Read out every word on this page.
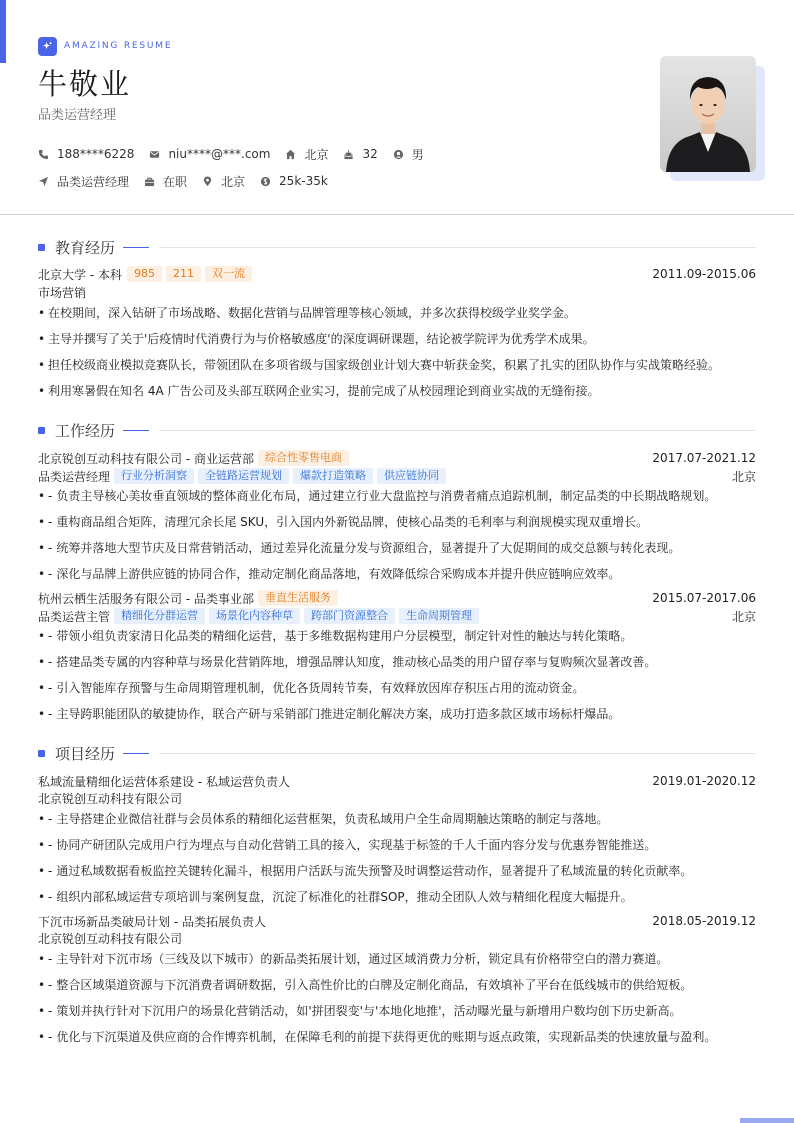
AMAZING RESUME
牛敬业
品类运营经理
188****6228	niu****@***.com	北京	32	男
品类运营经理	在职	北京	25k-35k
教育经历
北京大学 - 本科	985	211	双一流	2011.09-2015.06
市场营销
• 在校期间，深入钻研了市场战略、数据化营销与品牌管理等核心领域，并多次获得校级学业奖学金。
• 主导并撰写了关于'后疫情时代消费行为与价格敏感度'的深度调研课题，结论被学院评为优秀学术成果。
• 担任校级商业模拟竞赛队长，带领团队在多项省级与国家级创业计划大赛中斩获金奖，积累了扎实的团队协作与实战策略经验。
• 利用寒暑假在知名 4A 广告公司及头部互联网企业实习，提前完成了从校园理论到商业实战的无缝衔接。
工作经历
北京锐创互动科技有限公司 - 商业运营部	综合性零售电商	2017.07-2021.12
品类运营经理	行业分析洞察	全链路运营规划	爆款打造策略	供应链协同	北京
• - 负责主导核心美妆垂直领域的整体商业化布局，通过建立行业大盘监控与消费者痛点追踪机制，制定品类的中长期战略规划。
• - 重构商品组合矩阵，清理冗余长尾 SKU，引入国内外新锐品牌，使核心品类的毛利率与利润规模实现双重增长。
• - 统筹并落地大型节庆及日常营销活动，通过差异化流量分发与资源组合，显著提升了大促期间的成交总额与转化表现。
• - 深化与品牌上游供应链的协同合作，推动定制化商品落地，有效降低综合采购成本并提升供应链响应效率。
杭州云栖生活服务有限公司 - 品类事业部	垂直生活服务	2015.07-2017.06
品类运营主管	精细化分群运营	场景化内容种草	跨部门资源整合	生命周期管理	北京
• - 带领小组负责家清日化品类的精细化运营，基于多维数据构建用户分层模型，制定针对性的触达与转化策略。
• - 搭建品类专属的内容种草与场景化营销阵地，增强品牌认知度，推动核心品类的用户留存率与复购频次显著改善。
• - 引入智能库存预警与生命周期管理机制，优化各货周转节奏，有效释放因库存积压占用的流动资金。
• - 主导跨职能团队的敏捷协作，联合产研与采销部门推进定制化解决方案，成功打造多款区域市场标杆爆品。
项目经历
私域流量精细化运营体系建设 - 私域运营负责人	2019.01-2020.12
北京锐创互动科技有限公司
• - 主导搭建企业微信社群与会员体系的精细化运营框架，负责私域用户全生命周期触达策略的制定与落地。
• - 协同产研团队完成用户行为埋点与自动化营销工具的接入，实现基于标签的千人千面内容分发与优惠券智能推送。
• - 通过私域数据看板监控关键转化漏斗，根据用户活跃与流失预警及时调整运营动作，显著提升了私域流量的转化贡献率。
• - 组织内部私域运营专项培训与案例复盘，沉淀了标准化的社群SOP，推动全团队人效与精细化程度大幅提升。
下沉市场新品类破局计划 - 品类拓展负责人	2018.05-2019.12
北京锐创互动科技有限公司
• - 主导针对下沉市场（三线及以下城市）的新品类拓展计划，通过区域消费力分析，锁定具有价格带空白的潜力赛道。
• - 整合区域渠道资源与下沉消费者调研数据，引入高性价比的白牌及定制化商品，有效填补了平台在低线城市的供给短板。
• - 策划并执行针对下沉用户的场景化营销活动，如'拼团裂变'与'本地化地推'，活动曝光量与新增用户数均创下历史新高。
• - 优化与下沉渠道及供应商的合作博弈机制，在保障毛利的前提下获得更优的账期与返点政策，实现新品类的快速放量与盈利。
